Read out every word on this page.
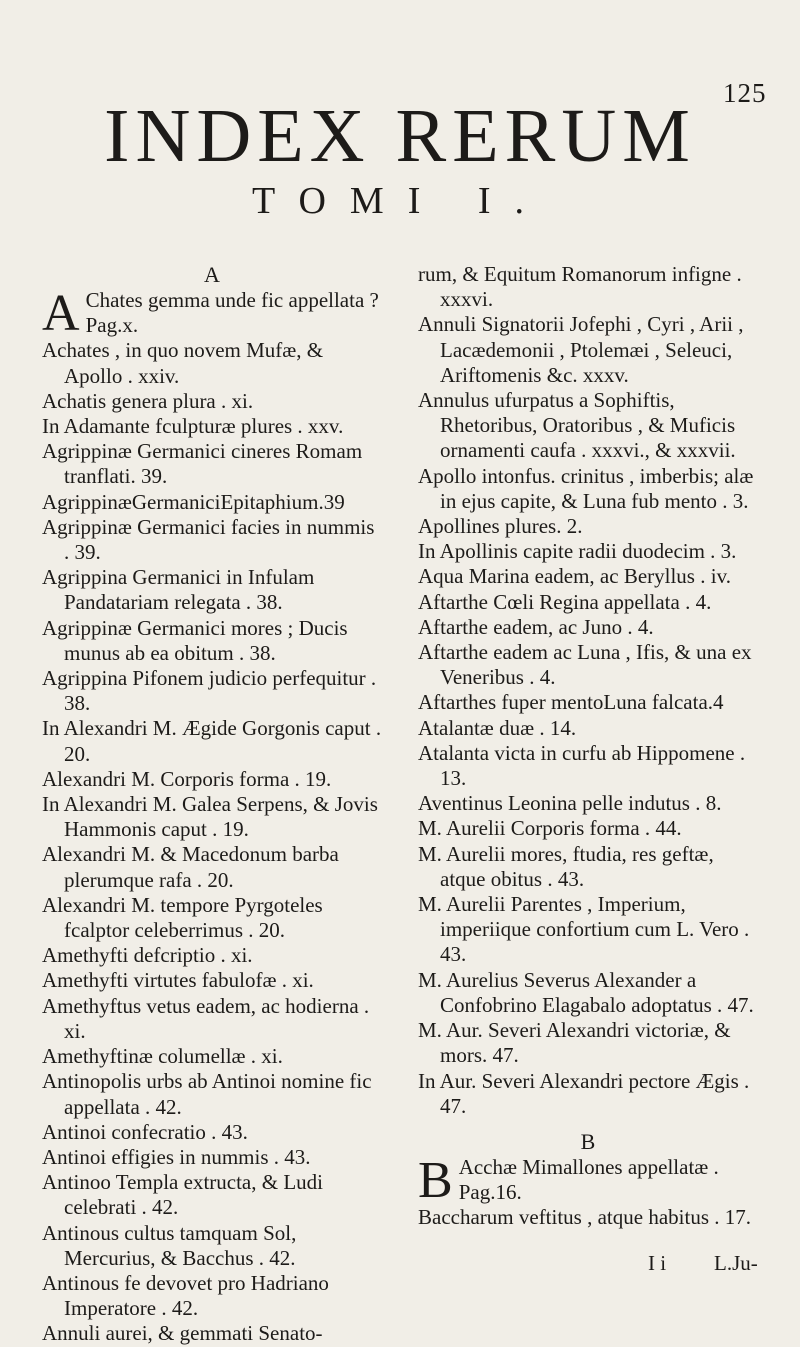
125
INDEX RERUM
TOMI I.
A
A Chates gemma unde fic appellata ? Pag.x.
Achates , in quo novem Mufæ, & Apollo . xxiv.
Achatis genera plura . xi.
In Adamante fculpturæ plures . xxv.
Agrippinæ Germanici cineres Romam tranflati. 39.
AgrippinæGermaniciEpitaphium.39
Agrippinæ Germanici facies in nummis . 39.
Agrippina Germanici in Infulam Pandatariam relegata . 38.
Agrippinæ Germanici mores ; Ducis munus ab ea obitum . 38.
Agrippina Pifonem judicio perfequitur . 38.
In Alexandri M. Ægide Gorgonis caput . 20.
Alexandri M. Corporis forma . 19.
In Alexandri M. Galea Serpens, & Jovis Hammonis caput . 19.
Alexandri M. & Macedonum barba plerumque rafa . 20.
Alexandri M. tempore Pyrgoteles fcalptor celeberrimus . 20.
Amethyfti defcriptio . xi.
Amethyfti virtutes fabulofæ . xi.
Amethyftus vetus eadem, ac hodierna . xi.
Amethyftinæ columellæ . xi.
Antinopolis urbs ab Antinoi nomine fic appellata . 42.
Antinoi confecratio . 43.
Antinoi effigies in nummis . 43.
Antinoo Templa extructa, & Ludi celebrati . 42.
Antinous cultus tamquam Sol, Mercurius, & Bacchus . 42.
Antinous fe devovet pro Hadriano Imperatore . 42.
Annuli aurei, & gemmati Senato-
rum, & Equitum Romanorum infigne . xxxvi.
Annuli Signatorii Jofephi , Cyri , Arii , Lacædemonii , Ptolemæi , Seleuci, Ariftomenis &c. xxxv.
Annulus ufurpatus a Sophiftis, Rhetoribus, Oratoribus , & Muficis ornamenti caufa . xxxvi., & xxxvii.
Apollo intonfus. crinitus , imberbis; alæ in ejus capite, & Luna fub mento . 3.
Apollines plures. 2.
In Apollinis capite radii duodecim . 3.
Aqua Marina eadem, ac Beryllus . iv.
Aftarthe Cœli Regina appellata . 4.
Aftarthe eadem, ac Juno . 4.
Aftarthe eadem ac Luna , Ifis, & una ex Veneribus . 4.
Aftarthes fuper mentoLuna falcata.4
Atalantæ duæ . 14.
Atalanta victa in curfu ab Hippomene . 13.
Aventinus Leonina pelle indutus . 8.
M. Aurelii Corporis forma . 44.
M. Aurelii mores, ftudia, res geftæ, atque obitus . 43.
M. Aurelii Parentes , Imperium, imperiique confortium cum L. Vero . 43.
M. Aurelius Severus Alexander a Confobrino Elagabalo adoptatus . 47.
M. Aur. Severi Alexandri victoriæ, & mors. 47.
In Aur. Severi Alexandri pectore Ægis . 47.
B
B Acchæ Mimallones appellatæ . Pag.16.
Baccharum veftitus , atque habitus . 17.
I i L.Ju-
